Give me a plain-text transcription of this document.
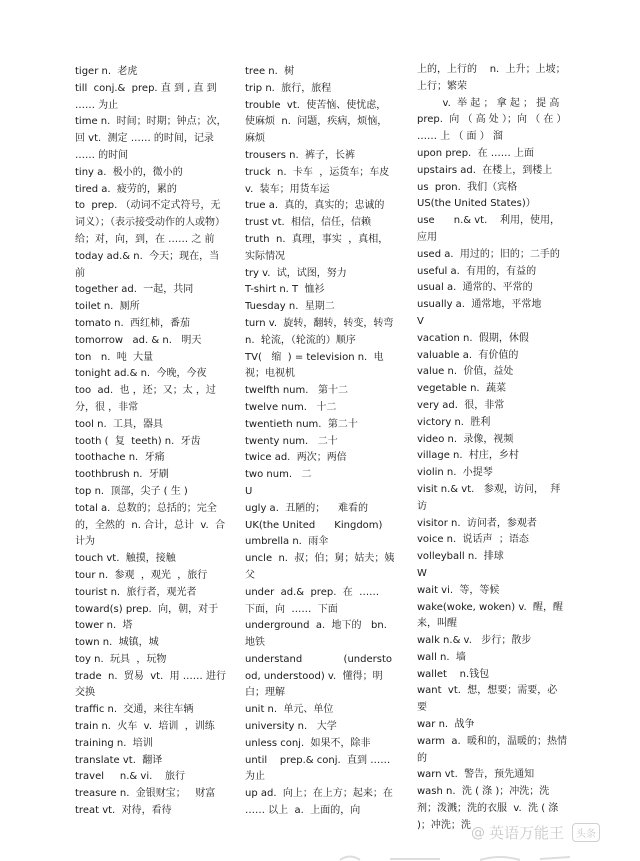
tiger n.  老虎

till  conj.&  prep. 直 到 , 直 到 …… 为止

time n.  时间；时期；钟点；次，回 vt.  测定 …… 的时间，记录 …… 的时间

tiny a.  极小的，微小的

tired a.  疲劳的，累的

to  prep. （动词不定式符号，无词义）；（表示接受动作的人或物）给；对，向，到，在 …… 之 前

today ad.& n.  今天；现在，当前

together ad.  一起，共同

toilet n.  厕所

tomato n.  西红柿，番茄

tomorrow   ad. & n.   明天

ton   n.  吨  大量

tonight ad.& n.  今晚，今夜

too  ad.  也 ，还；又；太 ，过分，很 ，非常

tool n.  工具，器具

tooth (  复  teeth) n.  牙齿

toothache n.  牙痛

toothbrush n.  牙刷

top n.  顶部，尖子 ( 生 )

total a.  总数的；总括的；完全的，全然的  n. 合计，总计  v.  合计为

touch vt.  触摸，接触

tour n.  参观  ，观光  ，旅行

tourist n.  旅行者，观光者

toward(s) prep.  向，朝，对于

tower n.  塔

town n.  城镇，城

toy n.  玩具  ，玩物

trade  n.  贸易  vt.  用 …… 进行交换

traffic n.  交通，来往车辆

train n.  火车  v.  培训  ，训练

training n.  培训

translate vt.  翻译

travel     n.& vi.    旅行

treasure n.  金银财宝；   财富

treat vt.  对待，看待

tree n.  树

trip n.  旅行，旅程

trouble  vt.  使苦恼、使忧虑，使麻烦  n.  问题，疾病，烦恼，麻烦

trousers n.  裤子，长裤

truck  n.  卡车  ，运货车；车皮 v.  装车；用货车运

true a.  真的，真实的；忠诚的

trust vt.  相信，信任，信赖

truth  n.  真理，事实  ，真相，实际情况

try v.  试，试图，努力

T-shirt n. T  恤衫

Tuesday n.  星期二

turn v.  旋转，翻转，转变，转弯  n.  轮流，（轮流的）顺序

TV(   缩  ) = television n.  电视；电视机

twelfth num.   第十二

twelve num.   十二

twentieth num.  第二十

twenty num.   二十

twice ad.  两次；两倍

two num.   二

U

ugly a.  丑陋的；    难看的

UK(the United      Kingdom)

umbrella n.  雨伞

uncle  n.  叔；伯；舅；姑夫；姨父

under  ad.&  prep.  在  ……  下面，向  ……  下面

underground  a.  地下的   bn.  地铁

understand             (understood, understood) v.  懂得；明白；理解

unit n.  单元、单位

university n.   大学

unless conj.  如果不，除非

until    prep.& conj.  直到 …… 为止

up ad.  向上；在上方；起来；在 …… 以上  a.  上面的，向

上的，上行的    n.  上升；上坡；上行；繁荣

v.  举 起 ； 拿 起 ； 提 高            prep.  向 （ 高 处 ）；向 （ 在 ） …… 上 （ 面 ） 溜

upon prep.  在 …… 上面

upstairs ad.  在楼上，到楼上

us  pron.  我们（宾格

US(the United States)）

use      n.& vt.    利用，使用，应用

used a.  用过的；旧的；二手的

useful a.  有用的，有益的

usual a.  通常的、平常的

usually a.  通常地，平常地

V

vacation n.  假期，休假

valuable a.  有价值的

value n.  价值，益处

vegetable n.  蔬菜

very ad.  很，非常

victory n.  胜利

video n.  录像，视频

village n.  村庄，乡村

violin n.  小提琴

visit n.& vt.   参观，访问，  拜访

visitor n.  访问者，参观者

voice n.  说话声  ；语态

volleyball n.  排球

W

wait vi.  等，等候

wake(woke, woken) v.  醒，醒来，叫醒

walk n.& v.   步行；散步

wall n.  墙

wallet    n.钱包

want  vt.  想，想要；需要，必要

war n.  战争

warm  a.  暖和的，温暖的；热情的

warn vt.  警告，预先通知

wash n.  洗 ( 涤 )；冲洗；洗剂；泼溅；洗的衣服  v.  洗 ( 涤 )；冲洗；洗 @ 英语万能王	头条
